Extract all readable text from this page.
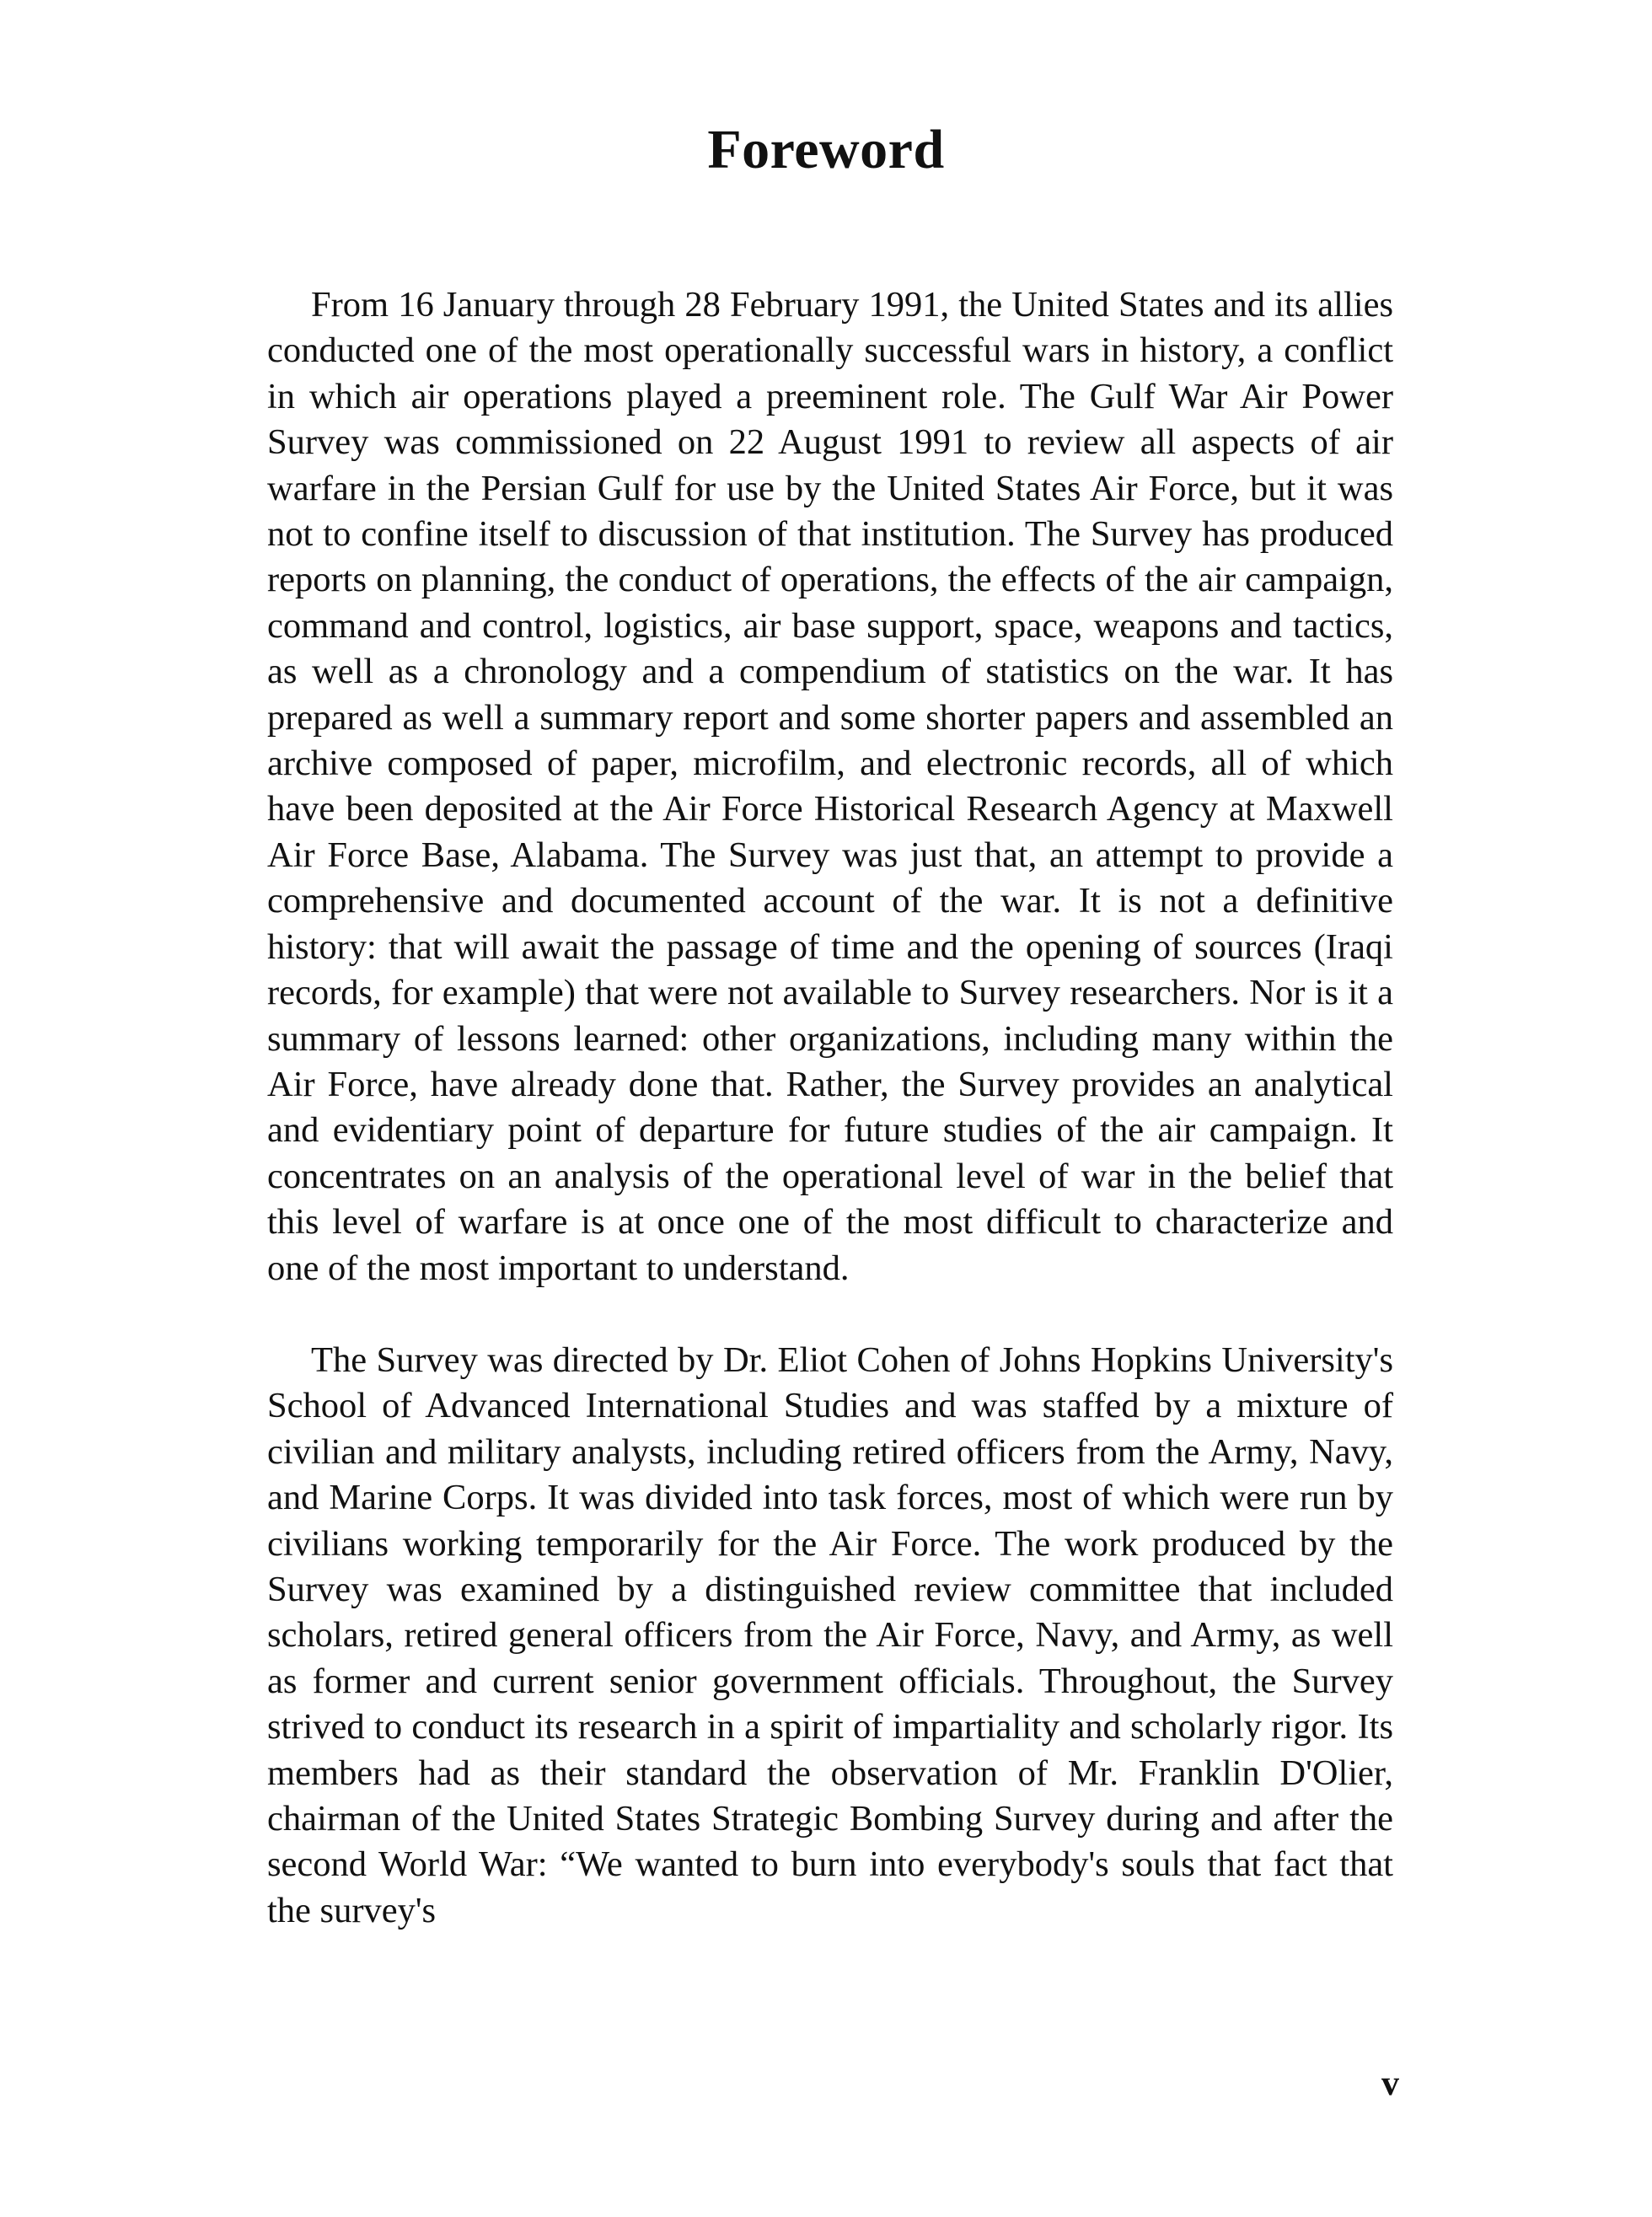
Foreword

From 16 January through 28 February 1991, the United States and its allies conducted one of the most operationally successful wars in history, a conflict in which air operations played a preeminent role. The Gulf War Air Power Survey was commissioned on 22 August 1991 to review all aspects of air warfare in the Persian Gulf for use by the United States Air Force, but it was not to confine itself to discussion of that institution. The Survey has produced reports on planning, the conduct of operations, the effects of the air campaign, command and control, logistics, air base support, space, weapons and tactics, as well as a chronology and a compendium of statistics on the war. It has prepared as well a summary report and some shorter papers and assembled an archive composed of paper, microfilm, and electronic records, all of which have been deposited at the Air Force Historical Research Agency at Maxwell Air Force Base, Alabama. The Survey was just that, an attempt to provide a comprehensive and documented account of the war. It is not a definitive history: that will await the passage of time and the opening of sources (Iraqi records, for example) that were not available to Survey researchers. Nor is it a summary of lessons learned: other organizations, including many within the Air Force, have already done that. Rather, the Survey provides an analytical and evidentiary point of departure for future studies of the air campaign. It concentrates on an analysis of the operational level of war in the belief that this level of warfare is at once one of the most difficult to characterize and one of the most important to understand.

The Survey was directed by Dr. Eliot Cohen of Johns Hopkins University's School of Advanced International Studies and was staffed by a mixture of civilian and military analysts, including retired officers from the Army, Navy, and Marine Corps. It was divided into task forces, most of which were run by civilians working temporarily for the Air Force. The work produced by the Survey was examined by a distinguished review committee that included scholars, retired general officers from the Air Force, Navy, and Army, as well as former and current senior government officials. Throughout, the Survey strived to conduct its research in a spirit of impartiality and scholarly rigor. Its members had as their standard the observation of Mr. Franklin D'Olier, chairman of the United States Strategic Bombing Survey during and after the second World War: “We wanted to burn into everybody's souls that fact that the survey's

v
